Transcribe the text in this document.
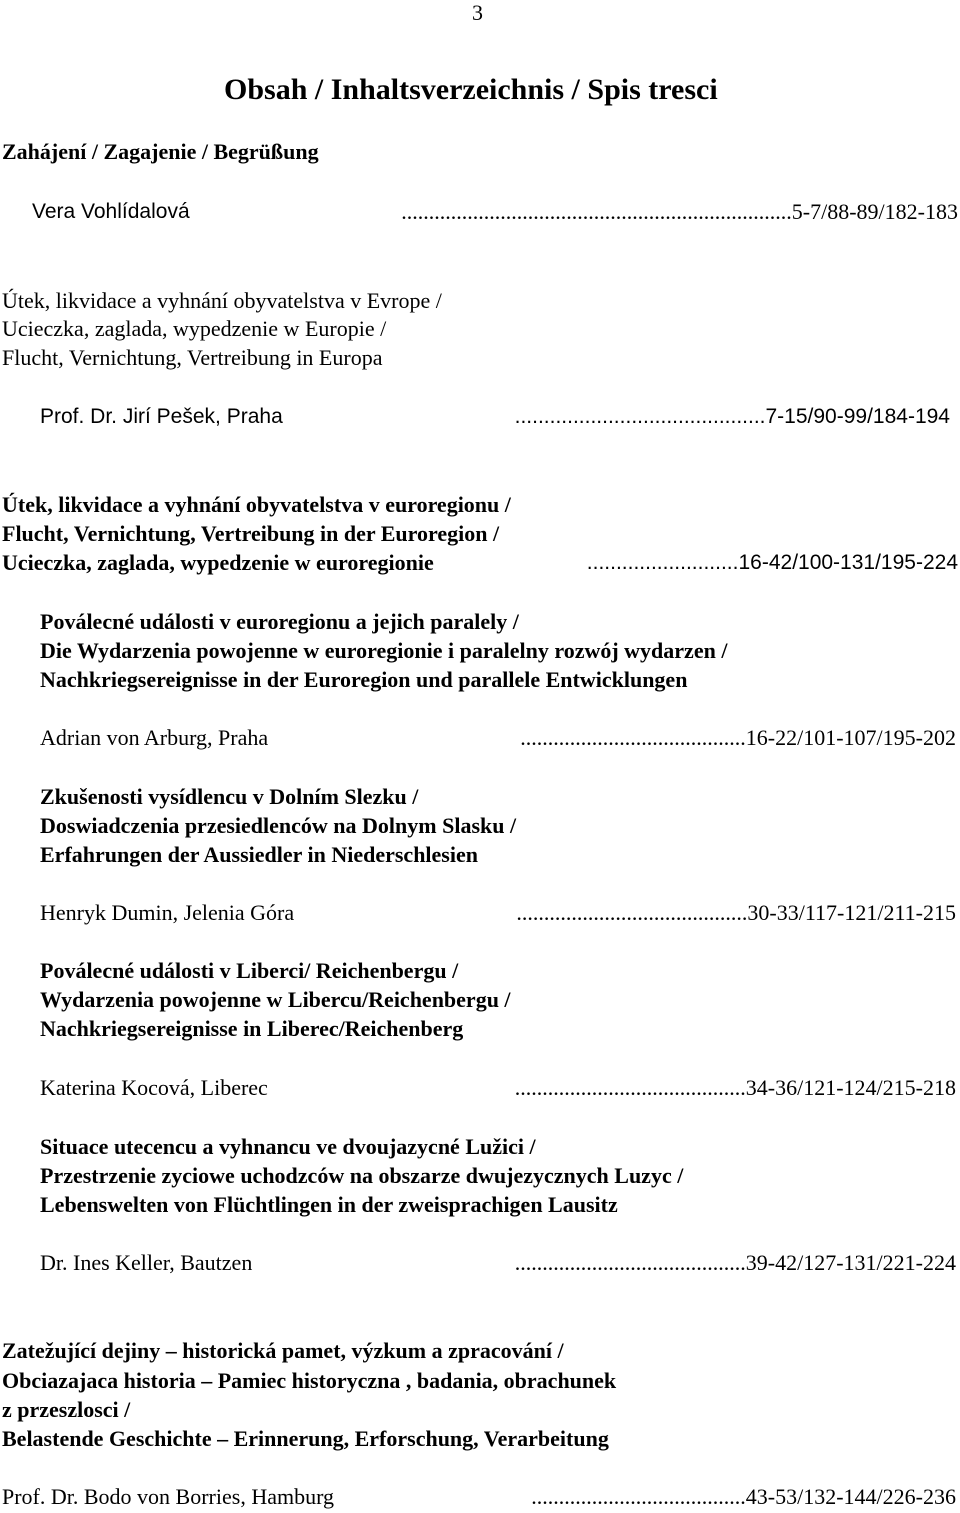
3
Obsah / Inhaltsverzeichnis / Spis tresci
Zahájení / Zagajenie / Begrüßung
Vera Vohlídalová	.......................................................................5-7/88-89/182-183
Útek, likvidace a vyhnání obyvatelstva v Evrope /
Ucieczka, zaglada, wypedzenie w Europie /
Flucht, Vernichtung, Vertreibung in Europa
Prof. Dr. Jirí Pešek, Praha	...........................................7-15/90-99/184-194
Útek, likvidace a vyhnání obyvatelstva v euroregionu /
Flucht, Vernichtung, Vertreibung in der Euroregion /
Ucieczka, zaglada, wypedzenie w euroregionie	..........................16-42/100-131/195-224
Poválecné události v euroregionu a jejich paralely /
Die Wydarzenia powojenne w euroregionie i paralelny rozwój wydarzen /
Nachkriegsereignisse in der Euroregion und parallele Entwicklungen
Adrian von Arburg, Praha	.........................................16-22/101-107/195-202
Zkušenosti vysídlencu v Dolním Slezku /
Doswiadczenia przesiedlenców na Dolnym Slasku /
Erfahrungen der Aussiedler in Niederschlesien
Henryk Dumin, Jelenia Góra	..........................................30-33/117-121/211-215
Poválecné události v Liberci/ Reichenbergu /
Wydarzenia powojenne w Libercu/Reichenbergu /
Nachkriegsereignisse in Liberec/Reichenberg
Katerina Kocová, Liberec	..........................................34-36/121-124/215-218
Situace utecencu a vyhnancu ve dvoujazycné Lužici /
Przestrzenie zyciowe uchodzców na obszarze dwujezycznych Luzyc /
Lebenswelten von Flüchtlingen in der zweisprachigen Lausitz
Dr. Ines Keller, Bautzen	..........................................39-42/127-131/221-224
Zatežující dejiny – historická pamet, výzkum a zpracování /
Obciazajaca historia – Pamiec historyczna , badania, obrachunek
z przeszlosci /
Belastende Geschichte – Erinnerung, Erforschung, Verarbeitung
Prof. Dr. Bodo von Borries, Hamburg	.......................................43-53/132-144/226-236
